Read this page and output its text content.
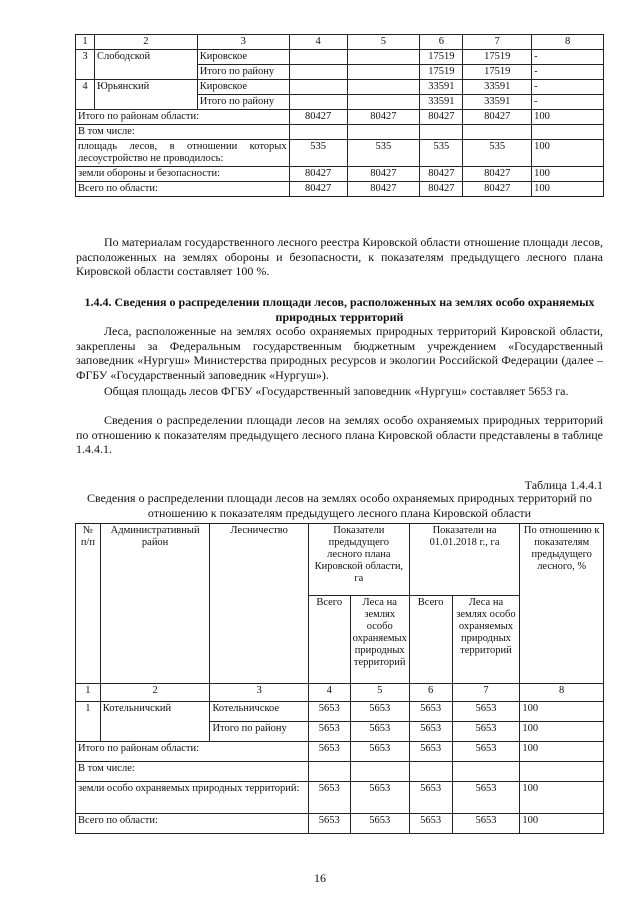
1	2	3	4	5	6	7	8
3	Слободской	Кировское			17519	17519	-
		Итого по району			17519	17519	-
4	Юрьянский	Кировское			33591	33591	-
		Итого по району			33591	33591	-
Итого по районам области:			80427	80427	80427	80427	100
В том числе:							
площадь лесов, в отношении которых лесоустройство не проводилось:			535	535	535	535	100
земли обороны и безопасности:			80427	80427	80427	80427	100
Всего по области:			80427	80427	80427	80427	100

По материалам государственного лесного реестра Кировской области отношение площади лесов, расположенных на землях обороны и безопасности, к показателям предыдущего лесного плана Кировской области составляет 100 %.

1.4.4. Сведения о распределении площади лесов, расположенных на землях особо охраняемых природных территорий

Леса, расположенные на землях особо охраняемых природных территорий Кировской области, закреплены за Федеральным государственным бюджетным учреждением «Государственный заповедник «Нургуш» Министерства природных ресурсов и экологии Российской Федерации (далее – ФГБУ «Государственный заповедник «Нургуш»).

Общая площадь лесов ФГБУ «Государственный заповедник «Нургуш» составляет 5653 га.

Сведения о распределении площади лесов на землях особо охраняемых природных территорий по отношению к показателям предыдущего лесного плана Кировской области представлены в таблице 1.4.4.1.

Таблица 1.4.4.1

Сведения о распределении площади лесов на землях особо охраняемых природных территорий по отношению к показателям предыдущего лесного плана Кировской области

№ п/п	Административный район	Лесничество	Показатели предыдущего лесного плана Кировской области, га		Показатели на 01.01.2018 г., га		По отношению к показателям предыдущего лесного, %
			Всего	Леса на землях особо охраняемых природных территорий	Всего	Леса на землях особо охраняемых природных территорий	
1	2	3	4	5	6	7	8
1	Котельничский	Котельничское	5653	5653	5653	5653	100
		Итого по району	5653	5653	5653	5653	100
Итого по районам области:			5653	5653	5653	5653	100
В том числе:							
земли особо охраняемых природных территорий:			5653	5653	5653	5653	100
Всего по области:			5653	5653	5653	5653	100
16
